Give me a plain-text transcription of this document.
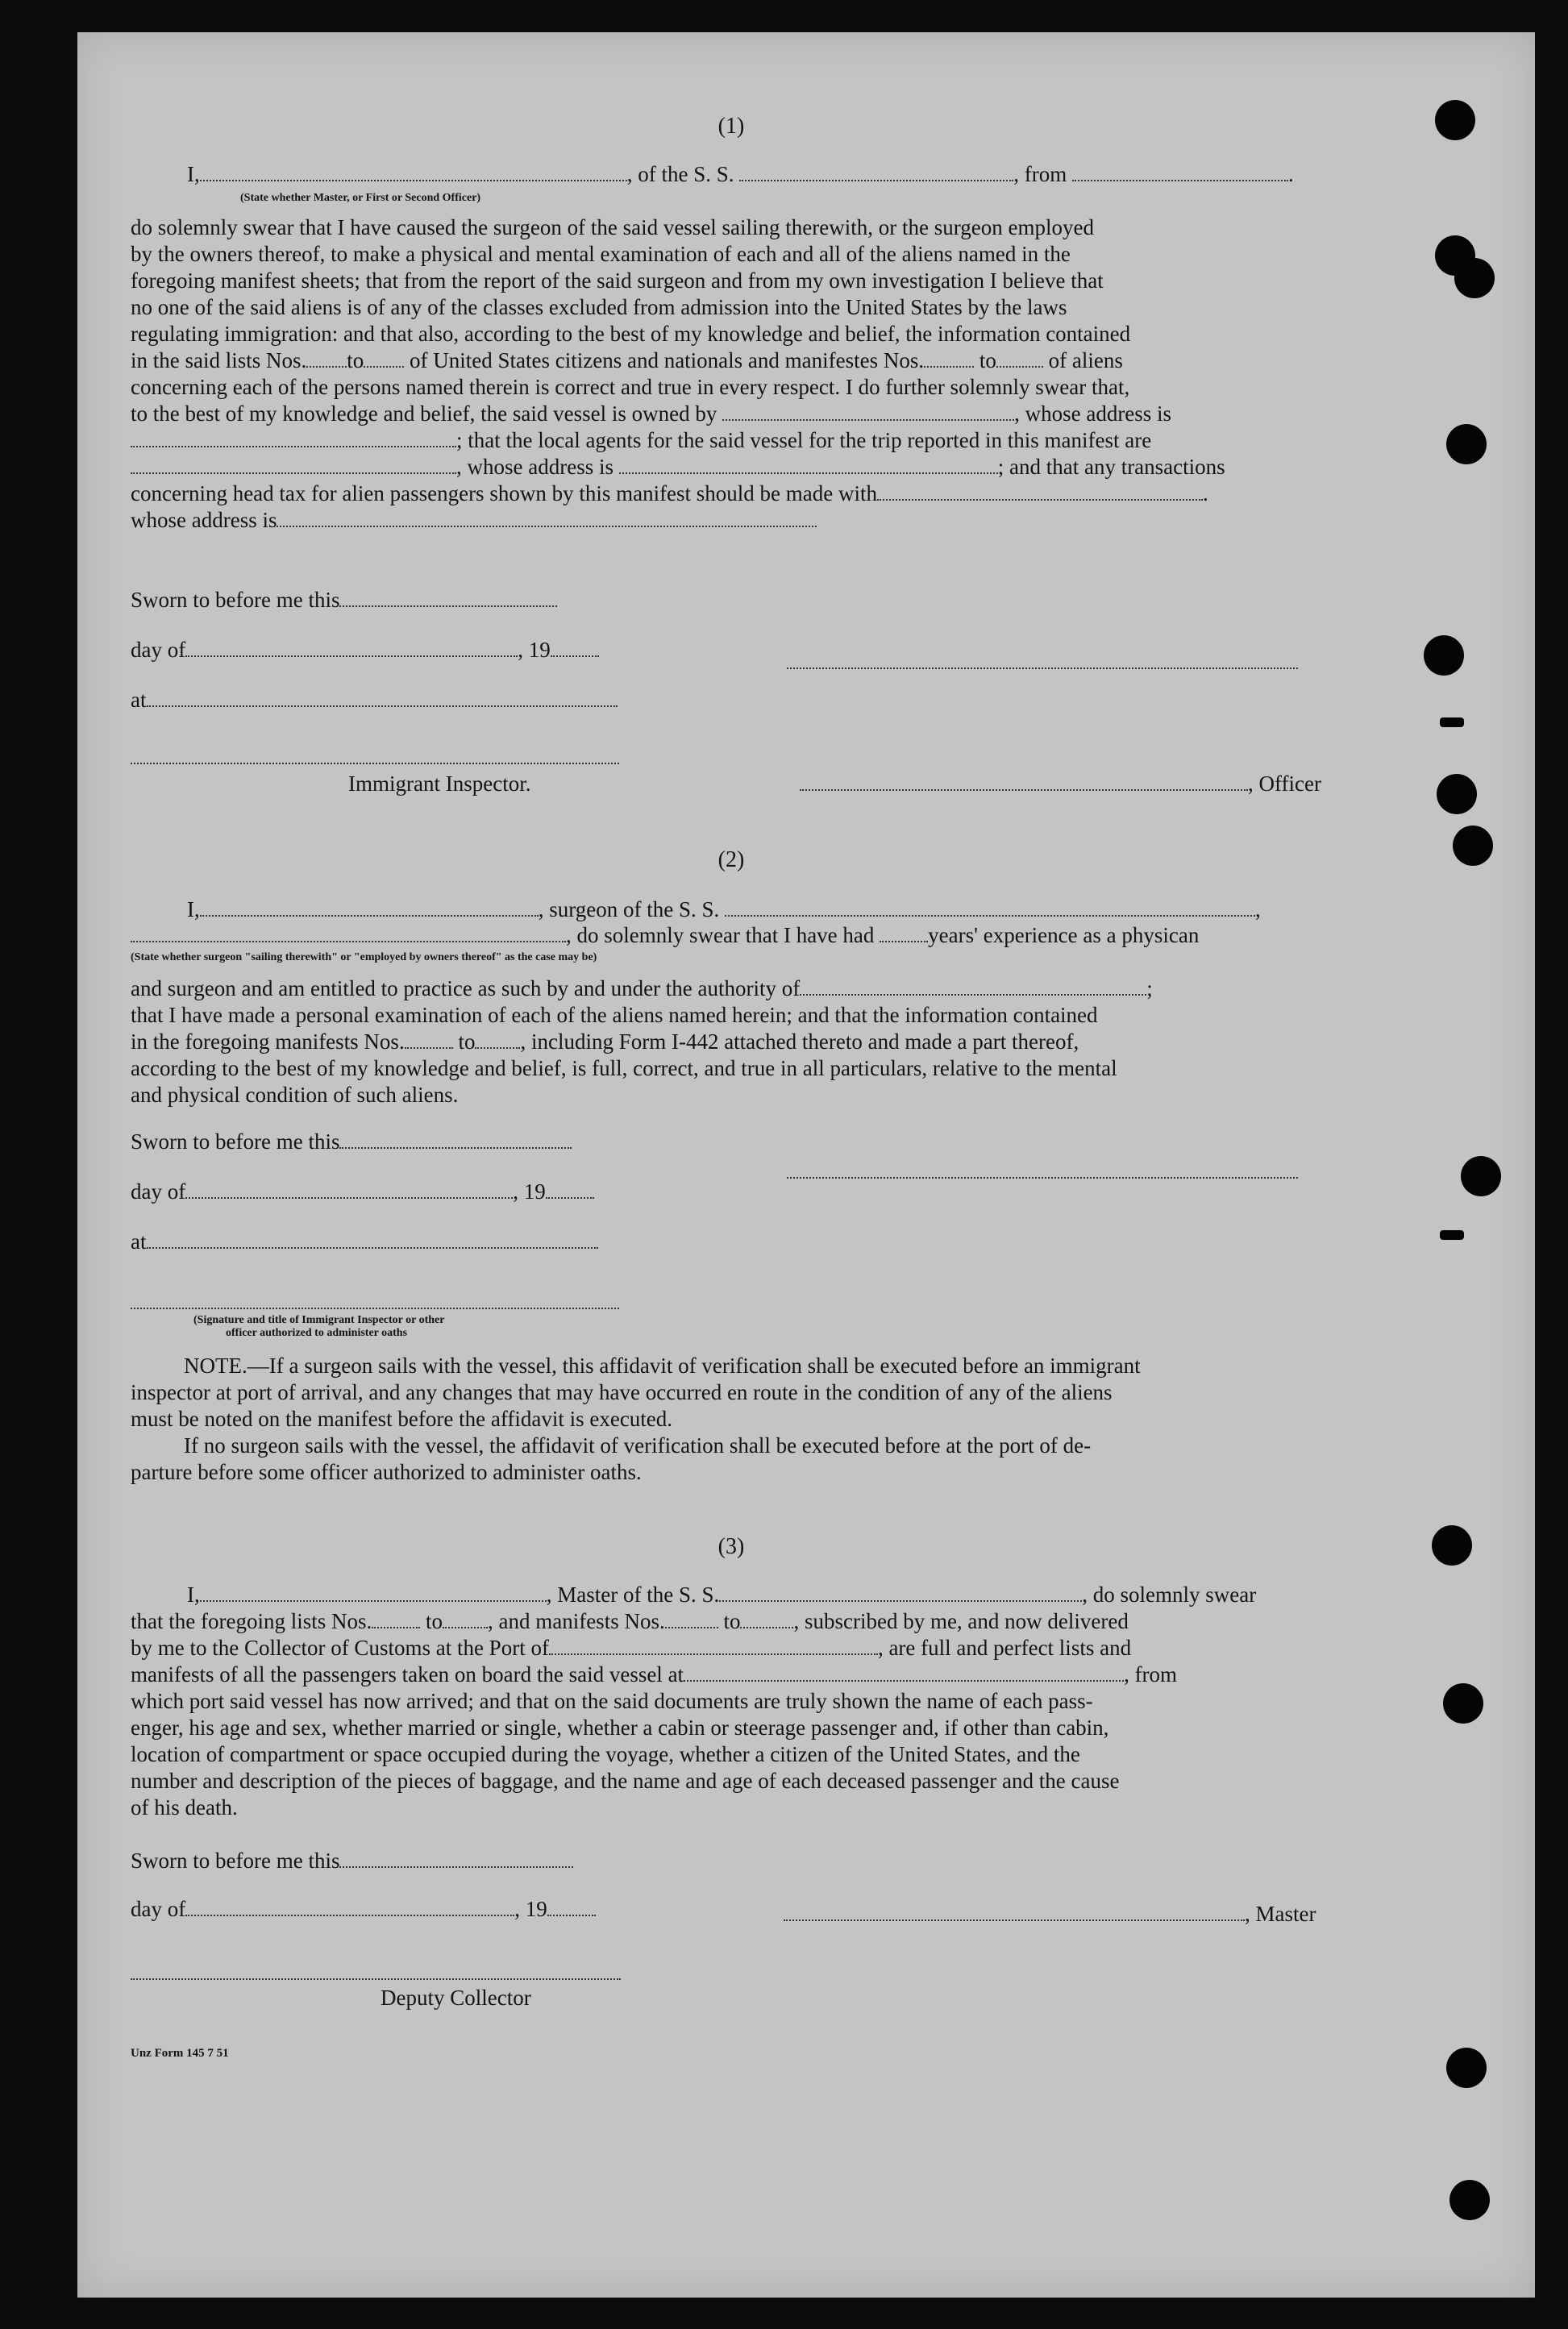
(1)
I,	, of the S. S.	, from	.
(State whether Master, or First or Second Officer)
do solemnly swear that I have caused the surgeon of the said vessel sailing therewith, or the surgeon employed
by the owners thereof, to make a physical and mental examination of each and all of the aliens named in the
foregoing manifest sheets; that from the report of the said surgeon and from my own investigation I believe that
no one of the said aliens is of any of the classes excluded from admission into the United States by the laws
regulating immigration: and that also, according to the best of my knowledge and belief, the information contained
in the said lists Nos. to of United States citizens and nationals and manifestes Nos.	to of aliens
concerning each of the persons named therein is correct and true in every respect. I do further solemnly swear that,
to the best of my knowledge and belief, the said vessel is owned by	, whose address is
; that the local agents for the said vessel for the trip reported in this manifest are
, whose address is	; and that any transactions
concerning head tax for alien passengers shown by this manifest should be made with	.
whose address is
Sworn to before me this
day of	, 19
at
, Officer
Immigrant Inspector.
(2)
I,	, surgeon of the S. S.	,
, do solemnly swear that I have had years' experience as a physican
(State whether surgeon "sailing therewith" or "employed by owners thereof" as the case may be)
and surgeon and am entitled to practice as such by and under the authority of	;
that I have made a personal examination of each of the aliens named herein; and that the information contained
in the foregoing manifests Nos. to , including Form I-442 attached thereto and made a part thereof,
according to the best of my knowledge and belief, is full, correct, and true in all particulars, relative to the mental
and physical condition of such aliens.
Sworn to before me this
day of	, 19
at
(Signature and title of Immigrant Inspector or other
officer authorized to administer oaths
NOTE.—If a surgeon sails with the vessel, this affidavit of verification shall be executed before an immigrant
inspector at port of arrival, and any changes that may have occurred en route in the condition of any of the aliens
must be noted on the manifest before the affidavit is executed.
If no surgeon sails with the vessel, the affidavit of verification shall be executed before at the port of de-
parture before some officer authorized to administer oaths.
(3)
I,	, Master of the S. S.	, do solemnly swear
that the foregoing lists Nos. to , and manifests Nos.	to , subscribed by me, and now delivered
by me to the Collector of Customs at the Port of	, are full and perfect lists and
manifests of all the passengers taken on board the said vessel at	, from
which port said vessel has now arrived; and that on the said documents are truly shown the name of each pass-
enger, his age and sex, whether married or single, whether a cabin or steerage passenger and, if other than cabin,
location of compartment or space occupied during the voyage, whether a citizen of the United States, and the
number and description of the pieces of baggage, and the name and age of each deceased passenger and the cause
of his death.
Sworn to before me this
day of	, 19	, Master
Deputy Collector
Unz Form 145 7 51
